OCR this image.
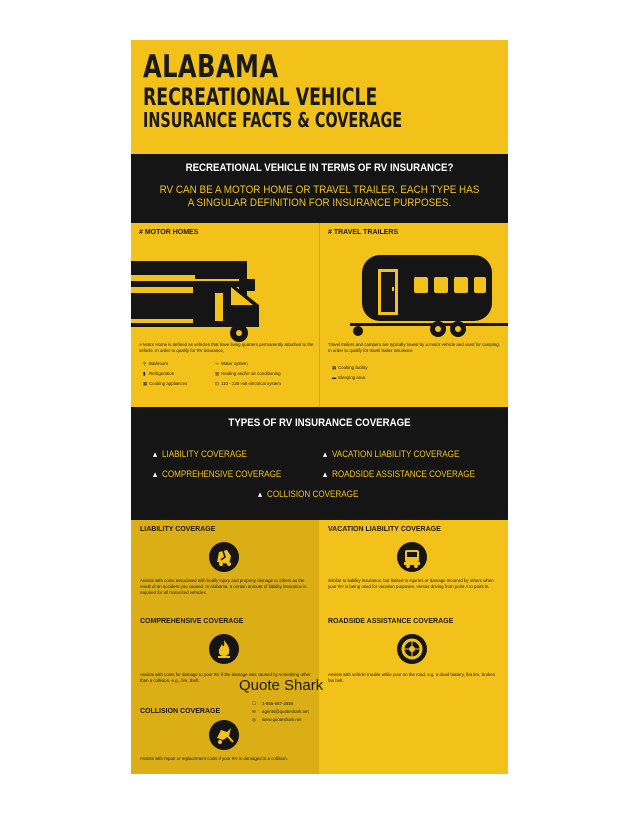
ALABAMA
RECREATIONAL VEHICLE
INSURANCE FACTS & COVERAGE
RECREATIONAL VEHICLE IN TERMS OF RV INSURANCE?
RV CAN BE A MOTOR HOME OR TRAVEL TRAILER. EACH TYPE HAS A SINGULAR DEFINITION FOR INSURANCE PURPOSES.
# MOTOR HOMES
A Motor Home is defined as vehicles that have living quarters permanently attached to the vehicle. In order to qualify for RV insurance,
⚲ Bathroom	⤳ Water system
▮ Refrigeration	▥ Heating and/or air conditioning
▦ Cooking appliances	⊡ 110 - 125 volt electrical system
# TRAVEL TRAILERS
Travel trailers and campers are typically towed by a motor vehicle and used for camping. In order to qualify for travel trailer insurance
▦ Cooking facility
▬ Sleeping area
TYPES OF RV INSURANCE COVERAGE
▴ LIABILITY COVERAGE	▴ VACATION LIABILITY COVERAGE
▴ COMPREHENSIVE COVERAGE	▴ ROADSIDE ASSISTANCE COVERAGE
▴ COLLISION COVERAGE
LIABILITY COVERAGE
Assists with costs associated with bodily injury and property damage to others as the result of an accident you caused. In Alabama, a certain amount of liability insurance is required for all motorized vehicles.
VACATION LIABILITY COVERAGE
Similar to liability insurance, but limited to injuries or damage incurred by others when your RV is being used for vacation purposes, versus driving from point A to point B.
COMPREHENSIVE COVERAGE
Assists with costs for damage to your RV if the damage was caused by something other than a collision, e.g., fire, theft.
ROADSIDE ASSISTANCE COVERAGE
Assists with vehicle trouble while your on the road, e.g. a dead battery, flat tire, broken fan belt.
COLLISION COVERAGE
Assists with repair or replacement costs if your RV is damaged in a collision.
Quote Shark
☐ 1-855-667-2559
✉ agents@quoteshark.net
◎ www.quoteshark.net
